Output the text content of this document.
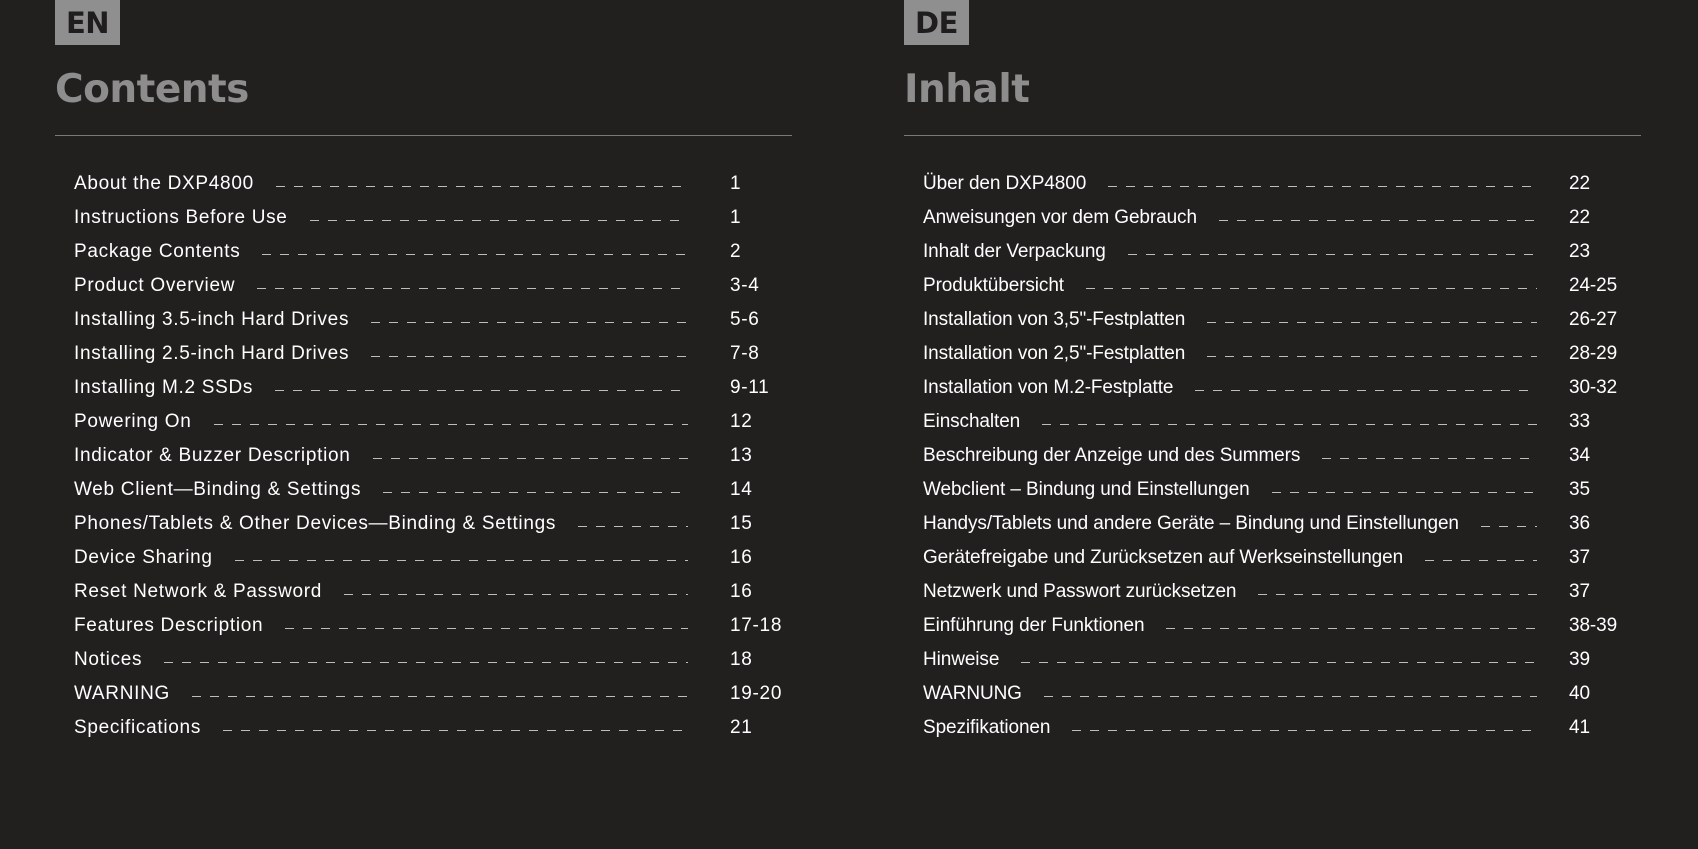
EN
Contents
About the DXP4800	1
Instructions Before Use	1
Package Contents	2
Product Overview	3-4
Installing 3.5-inch Hard Drives	5-6
Installing 2.5-inch Hard Drives	7-8
Installing M.2 SSDs	9-11
Powering On	12
Indicator & Buzzer Description	13
Web Client—Binding & Settings	14
Phones/Tablets & Other Devices—Binding & Settings	15
Device Sharing	16
Reset Network & Password	16
Features Description	17-18
Notices	18
WARNING	19-20
Specifications	21
DE
Inhalt
Über den DXP4800	22
Anweisungen vor dem Gebrauch	22
Inhalt der Verpackung	23
Produktübersicht	24-25
Installation von 3,5"-Festplatten	26-27
Installation von 2,5"-Festplatten	28-29
Installation von M.2-Festplatte	30-32
Einschalten	33
Beschreibung der Anzeige und des Summers	34
Webclient – Bindung und Einstellungen	35
Handys/Tablets und andere Geräte – Bindung und Einstellungen	36
Gerätefreigabe und Zurücksetzen auf Werkseinstellungen	37
Netzwerk und Passwort zurücksetzen	37
Einführung der Funktionen	38-39
Hinweise	39
WARNUNG	40
Spezifikationen	41
